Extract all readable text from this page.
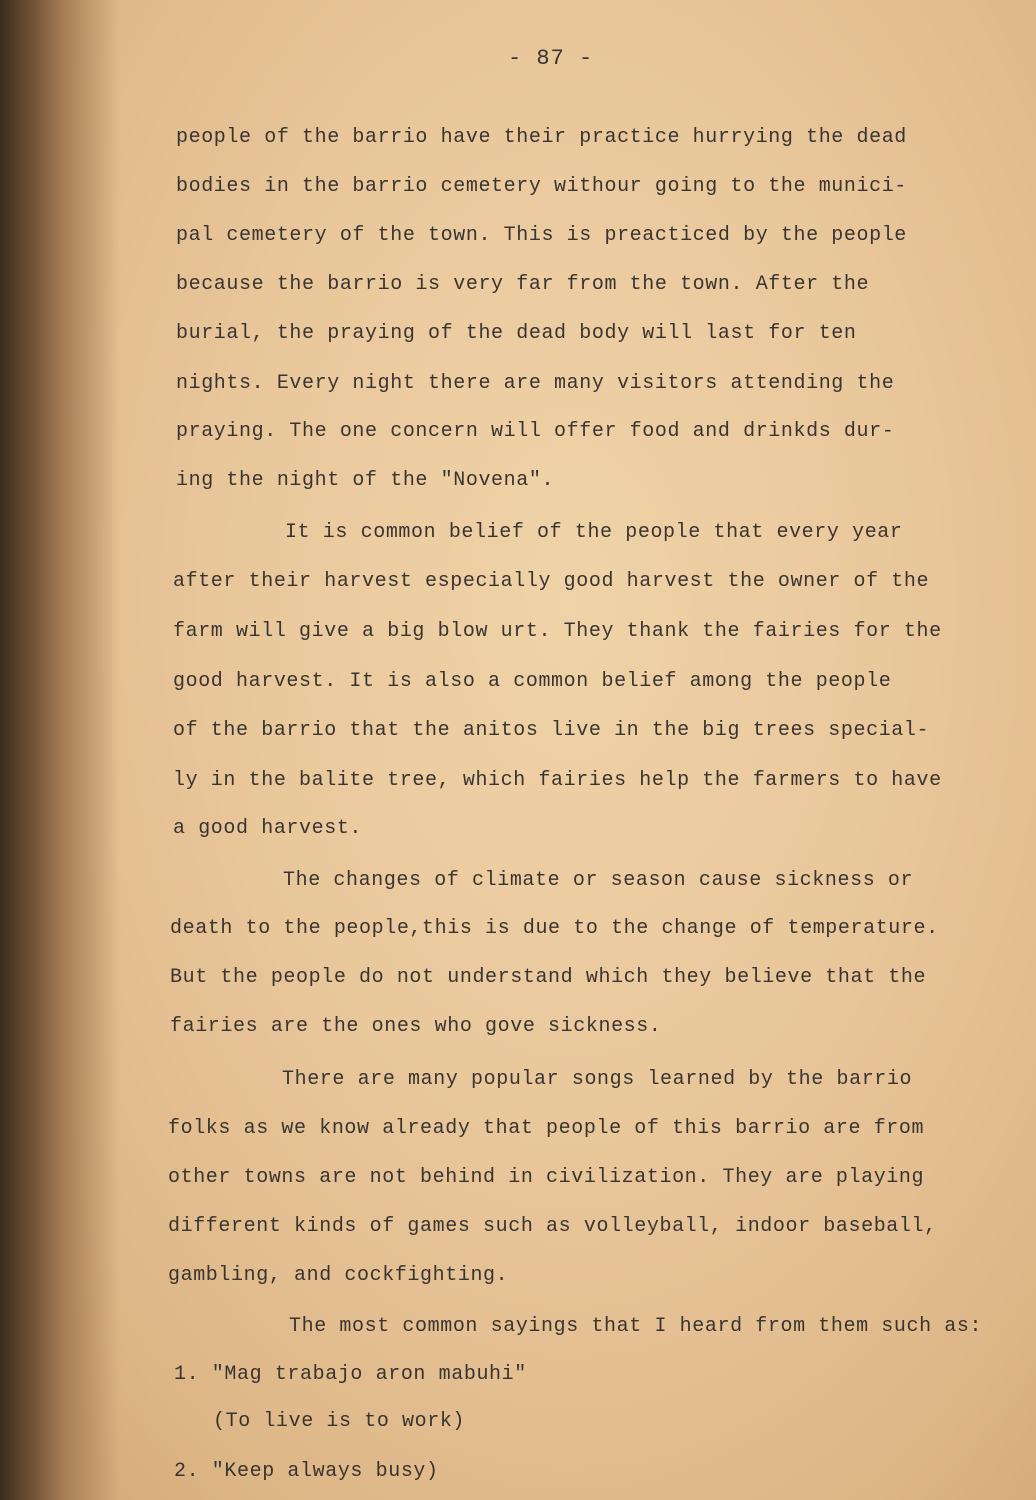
- 87 -
people of the barrio have their practice hurrying the dead
bodies in the barrio cemetery withour going to the munici-
pal cemetery of the town. This is preacticed by the people
because the barrio is very far from the town. After the
burial, the praying of the dead body will last for ten
nights. Every night there are many visitors attending the
praying. The one concern will offer food and drinkds dur-
ing the night of the "Novena".
It is common belief of the people that every year
after their harvest especially good harvest the owner of the
farm will give a big blow urt. They thank the fairies for the
good harvest. It is also a common belief among the people
of the barrio that the anitos live in the big trees special-
ly in the balite tree, which fairies help the farmers to have
a good harvest.
The changes of climate or season cause sickness or
death to the people,this is due to the change of temperature.
But the people do not understand which they believe that the
fairies are the ones who gove sickness.
There are many popular songs learned by the barrio
folks as we know already that people of this barrio are from
other towns are not behind in civilization. They are playing
different kinds of games such as volleyball, indoor baseball,
gambling, and cockfighting.
The most common sayings that I heard from them such as:
1. "Mag trabajo aron mabuhi"
(To live is to work)
2. "Keep always busy)
